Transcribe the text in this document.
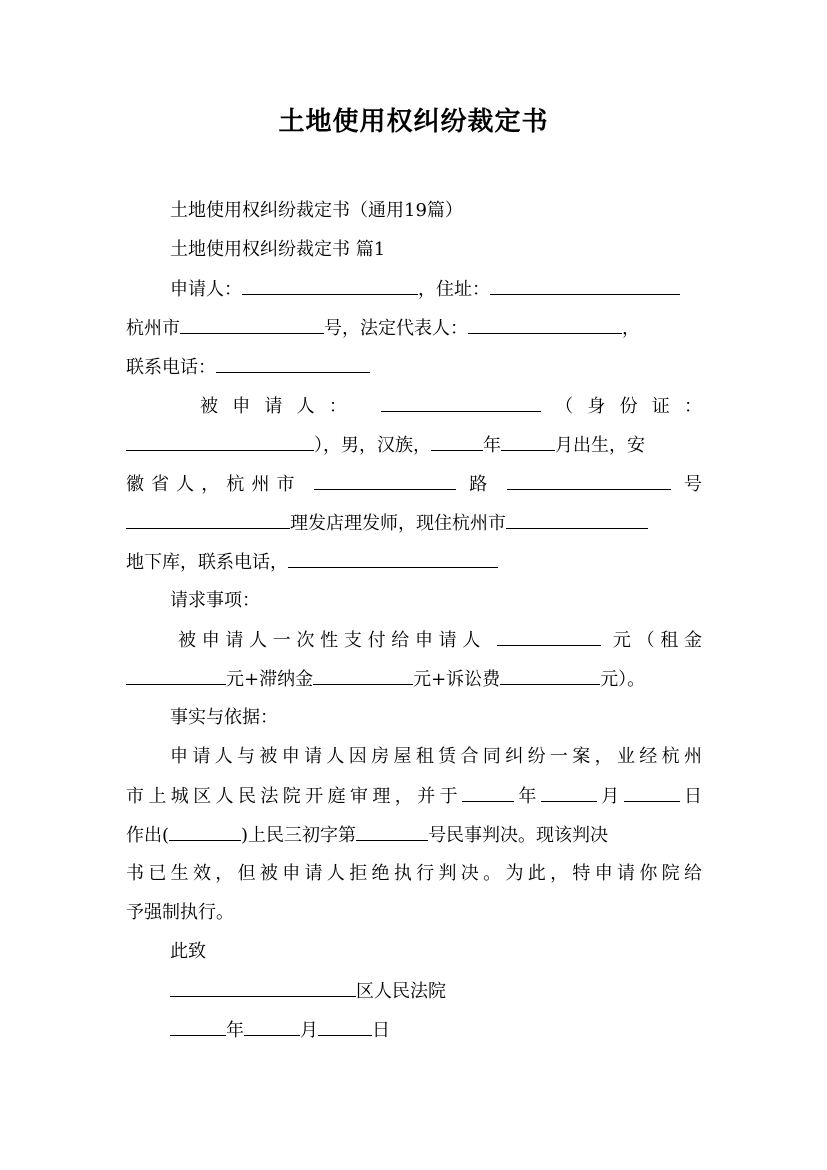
土地使用权纠纷裁定书
土地使用权纠纷裁定书（通用19篇）
土地使用权纠纷裁定书 篇1
申请人：	，住址：
杭州市	号，法定代表人：	，
联系电话：
被申请人：	（身份证：
），男，汉族，	年	月出生，安
徽省人，杭州市	路	号
理发店理发师，现住杭州市
地下库，联系电话，
请求事项：
被申请人一次性支付给申请人	元（租金
元+滞纳金	元+诉讼费	元）。
事实与依据：
申请人与被申请人因房屋租赁合同纠纷一案，业经杭州
市上城区人民法院开庭审理，并于	年	月	日
作出(	)上民三初字第	号民事判决。现该判决
书已生效，但被申请人拒绝执行判决。为此，特申请你院给
予强制执行。
此致
区人民法院
年	月	日
